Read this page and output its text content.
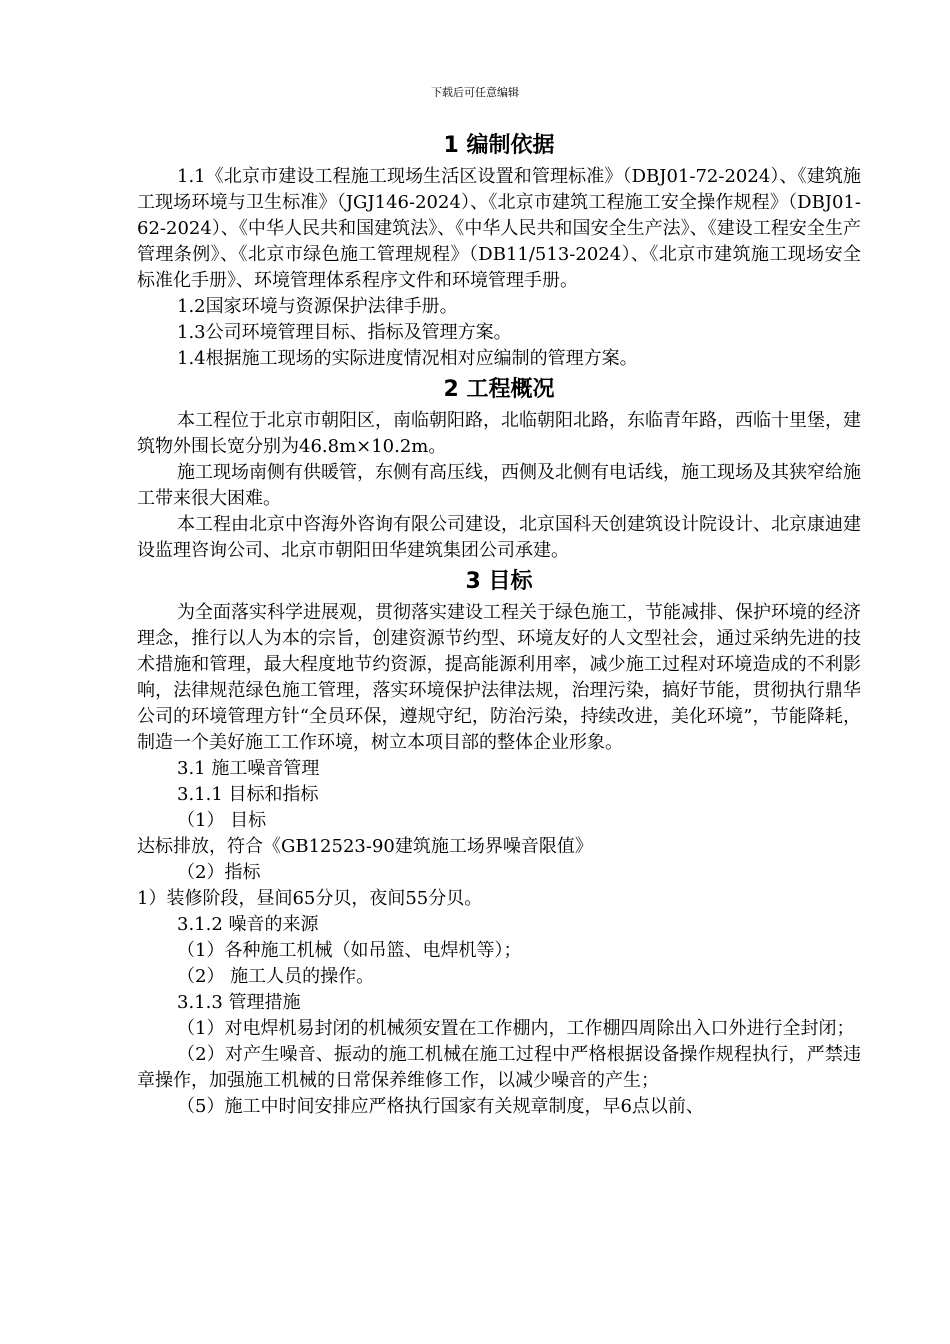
下载后可任意编辑
1 编制依据

1.1《北京市建设工程施工现场生活区设置和管理标准》（DBJ01-72-2024）、《建筑施工现场环境与卫生标准》（JGJ146-2024）、《北京市建筑工程施工安全操作规程》（DBJ01-62-2024）、《中华人民共和国建筑法》、《中华人民共和国安全生产法》、《建设工程安全生产管理条例》、《北京市绿色施工管理规程》（DB11/513-2024）、《北京市建筑施工现场安全标准化手册》、环境管理体系程序文件和环境管理手册。

1.2国家环境与资源保护法律手册。

1.3公司环境管理目标、指标及管理方案。

1.4根据施工现场的实际进度情况相对应编制的管理方案。

2 工程概况

本工程位于北京市朝阳区，南临朝阳路，北临朝阳北路，东临青年路，西临十里堡，建筑物外围长宽分别为46.8m×10.2m。

施工现场南侧有供暖管，东侧有高压线，西侧及北侧有电话线，施工现场及其狭窄给施工带来很大困难。

本工程由北京中咨海外咨询有限公司建设，北京国科天创建筑设计院设计、北京康迪建设监理咨询公司、北京市朝阳田华建筑集团公司承建。

3 目标

为全面落实科学进展观，贯彻落实建设工程关于绿色施工，节能减排、保护环境的经济理念，推行以人为本的宗旨，创建资源节约型、环境友好的人文型社会，通过采纳先进的技术措施和管理，最大程度地节约资源，提高能源利用率，减少施工过程对环境造成的不利影响，法律规范绿色施工管理，落实环境保护法律法规，治理污染，搞好节能，贯彻执行鼎华公司的环境管理方针“全员环保，遵规守纪，防治污染，持续改进，美化环境”，节能降耗，制造一个美好施工工作环境，树立本项目部的整体企业形象。

3.1 施工噪音管理

3.1.1 目标和指标

（1） 目标

达标排放，符合《GB12523-90建筑施工场界噪音限值》

（2）指标

1）装修阶段，昼间65分贝，夜间55分贝。

3.1.2 噪音的来源

（1）各种施工机械（如吊篮、电焊机等）；

（2） 施工人员的操作。

3.1.3 管理措施

（1）对电焊机易封闭的机械须安置在工作棚内，工作棚四周除出入口外进行全封闭；

（2）对产生噪音、振动的施工机械在施工过程中严格根据设备操作规程执行，严禁违章操作，加强施工机械的日常保养维修工作，以减少噪音的产生；

（5）施工中时间安排应严格执行国家有关规章制度，早6点以前、
